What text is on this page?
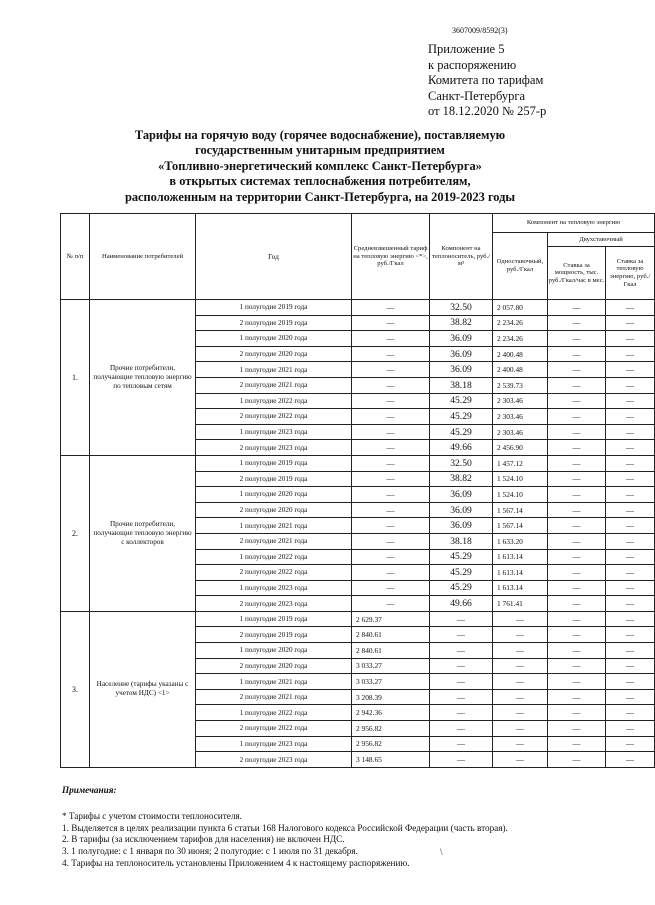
3607009/8592(3)
Приложение 5
к распоряжению
Комитета по тарифам
Санкт-Петербурга
от 18.12.2020 № 257-р
Тарифы на горячую воду (горячее водоснабжение), поставляемую
государственным унитарным предприятием
«Топливно-энергетический комплекс Санкт-Петербурга»
в открытых системах теплоснабжения потребителям,
расположенным на территории Санкт-Петербурга, на 2019-2023 годы
№ п/п	Наименование потребителей	Год	Средневзвешенный тариф на тепловую энергию <*>, руб./Гкал	Компонент на теплоноситель, руб./м³	Компонент на тепловую энергию		
					Одноставочный, руб./Гкал	Двухставочный	
						Ставка за мощность, тыс. руб./Гкал/час в мес.	Ставка за тепловую энергию, руб./Гкал
1.	Прочие потребители, получающие тепловую энергию по тепловым сетям	1 полугодие 2019 года	—	32.50	2 057.80	—	—
		2 полугодие 2019 года	—	38.82	2 234.26	—	—
		1 полугодие 2020 года	—	36.09	2 234.26	—	—
		2 полугодие 2020 года	—	36.09	2 400.48	—	—
		1 полугодие 2021 года	—	36.09	2 400.48	—	—
		2 полугодие 2021 года	—	38.18	2 539.73	—	—
		1 полугодие 2022 года	—	45.29	2 303.46	—	—
		2 полугодие 2022 года	—	45.29	2 303.46	—	—
		1 полугодие 2023 года	—	45.29	2 303.46	—	—
		2 полугодие 2023 года	—	49.66	2 456.90	—	—
2.	Прочие потребители, получающие тепловую энергию с коллекторов	1 полугодие 2019 года	—	32.50	1 457.12	—	—
		2 полугодие 2019 года	—	38.82	1 524.10	—	—
		1 полугодие 2020 года	—	36.09	1 524.10	—	—
		2 полугодие 2020 года	—	36.09	1 567.14	—	—
		1 полугодие 2021 года	—	36.09	1 567.14	—	—
		2 полугодие 2021 года	—	38.18	1 633.20	—	—
		1 полугодие 2022 года	—	45.29	1 613.14	—	—
		2 полугодие 2022 года	—	45.29	1 613.14	—	—
		1 полугодие 2023 года	—	45.29	1 613.14	—	—
		2 полугодие 2023 года	—	49.66	1 761.41	—	—
3.	Население (тарифы указаны с учетом НДС) <1>	1 полугодие 2019 года	2 629.37	—	—	—	—
		2 полугодие 2019 года	2 840.61	—	—	—	—
		1 полугодие 2020 года	2 840.61	—	—	—	—
		2 полугодие 2020 года	3 033.27	—	—	—	—
		1 полугодие 2021 года	3 033.27	—	—	—	—
		2 полугодие 2021 года	3 208.39	—	—	—	—
		1 полугодие 2022 года	2 942.36	—	—	—	—
		2 полугодие 2022 года	2 956.82	—	—	—	—
		1 полугодие 2023 года	2 956.82	—	—	—	—
		2 полугодие 2023 года	3 148.65	—	—	—	—
Примечания:
* Тарифы с учетом стоимости теплоносителя.
1. Выделяется в целях реализации пункта 6 статьи 168 Налогового кодекса Российской Федерации (часть вторая).
2. В тарифы (за исключением тарифов для населения) не включен НДС.
3. 1 полугодие: с 1 января по 30 июня; 2 полугодие: с 1 июля по 31 декабря.
4. Тарифы на теплоноситель установлены Приложением 4 к настоящему распоряжению.
\
